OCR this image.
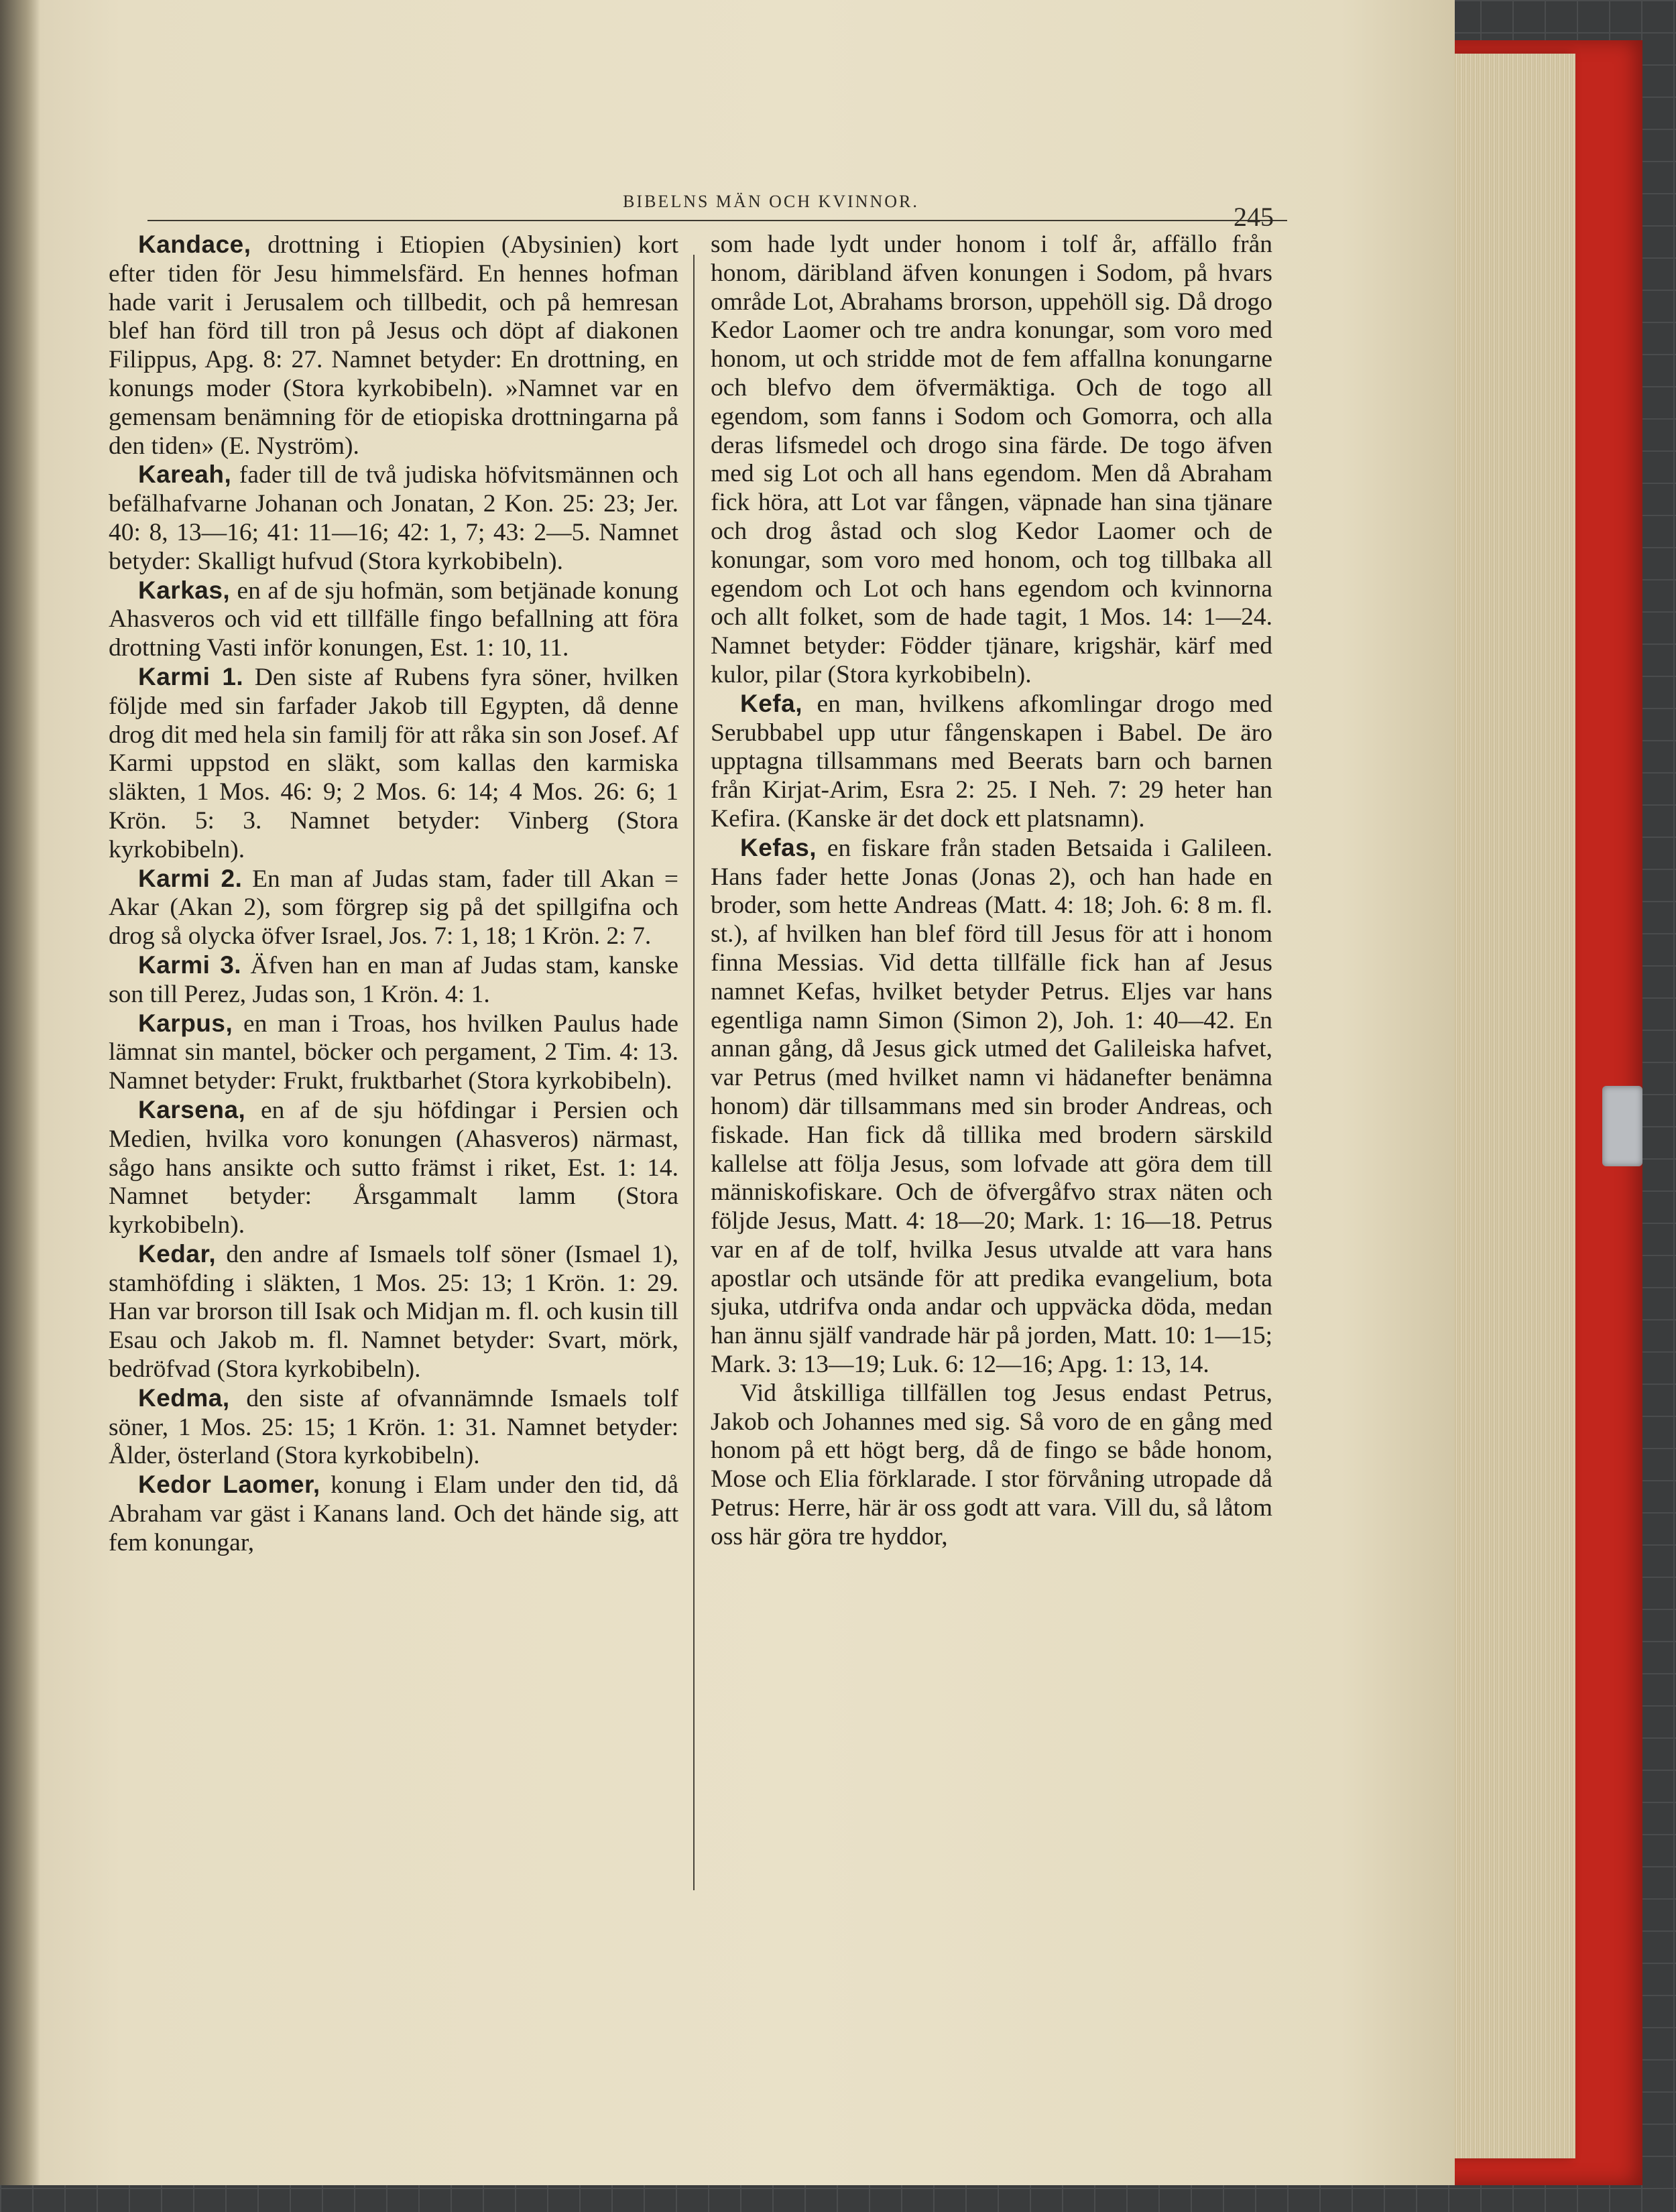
BIBELNS MÄN OCH KVINNOR.
245

Kandace, drottning i Etiopien (Abysinien) kort efter tiden för Jesu himmelsfärd. En hennes hofman hade varit i Jerusalem och tillbedit, och på hemresan blef han förd till tron på Jesus och döpt af diakonen Filippus, Apg. 8: 27. Namnet betyder: En drottning, en konungs moder (Stora kyrkobibeln). »Namnet var en gemensam benämning för de etiopiska drottningarna på den tiden» (E. Nyström).

Kareah, fader till de två judiska höfvitsmännen och befälhafvarne Johanan och Jonatan, 2 Kon. 25: 23; Jer. 40: 8, 13—16; 41: 11—16; 42: 1, 7; 43: 2—5. Namnet betyder: Skalligt hufvud (Stora kyrkobibeln).

Karkas, en af de sju hofmän, som betjänade konung Ahasveros och vid ett tillfälle fingo befallning att föra drottning Vasti inför konungen, Est. 1: 10, 11.

Karmi 1. Den siste af Rubens fyra söner, hvilken följde med sin farfader Jakob till Egypten, då denne drog dit med hela sin familj för att råka sin son Josef. Af Karmi uppstod en släkt, som kallas den karmiska släkten, 1 Mos. 46: 9; 2 Mos. 6: 14; 4 Mos. 26: 6; 1 Krön. 5: 3. Namnet betyder: Vinberg (Stora kyrkobibeln).

Karmi 2. En man af Judas stam, fader till Akan = Akar (Akan 2), som förgrep sig på det spillgifna och drog så olycka öfver Israel, Jos. 7: 1, 18; 1 Krön. 2: 7.

Karmi 3. Äfven han en man af Judas stam, kanske son till Perez, Judas son, 1 Krön. 4: 1.

Karpus, en man i Troas, hos hvilken Paulus hade lämnat sin mantel, böcker och pergament, 2 Tim. 4: 13. Namnet betyder: Frukt, fruktbarhet (Stora kyrkobibeln).

Karsena, en af de sju höfdingar i Persien och Medien, hvilka voro konungen (Ahasveros) närmast, sågo hans ansikte och sutto främst i riket, Est. 1: 14. Namnet betyder: Årsgammalt lamm (Stora kyrkobibeln).

Kedar, den andre af Ismaels tolf söner (Ismael 1), stamhöfding i släkten, 1 Mos. 25: 13; 1 Krön. 1: 29. Han var brorson till Isak och Midjan m. fl. och kusin till Esau och Jakob m. fl. Namnet betyder: Svart, mörk, bedröfvad (Stora kyrkobibeln).

Kedma, den siste af ofvannämnde Ismaels tolf söner, 1 Mos. 25: 15; 1 Krön. 1: 31. Namnet betyder: Ålder, österland (Stora kyrkobibeln).

Kedor Laomer, konung i Elam under den tid, då Abraham var gäst i Kanans land. Och det hände sig, att fem konungar,

som hade lydt under honom i tolf år, affällo från honom, däribland äfven konungen i Sodom, på hvars område Lot, Abrahams brorson, uppehöll sig. Då drogo Kedor Laomer och tre andra konungar, som voro med honom, ut och stridde mot de fem affallna konungarne och blefvo dem öfvermäktiga. Och de togo all egendom, som fanns i Sodom och Gomorra, och alla deras lifsmedel och drogo sina färde. De togo äfven med sig Lot och all hans egendom. Men då Abraham fick höra, att Lot var fången, väpnade han sina tjänare och drog åstad och slog Kedor Laomer och de konungar, som voro med honom, och tog tillbaka all egendom och Lot och hans egendom och kvinnorna och allt folket, som de hade tagit, 1 Mos. 14: 1—24. Namnet betyder: Födder tjänare, krigshär, kärf med kulor, pilar (Stora kyrkobibeln).

Kefa, en man, hvilkens afkomlingar drogo med Serubbabel upp utur fångenskapen i Babel. De äro upptagna tillsammans med Beerats barn och barnen från Kirjat-Arim, Esra 2: 25. I Neh. 7: 29 heter han Kefira. (Kanske är det dock ett platsnamn).

Kefas, en fiskare från staden Betsaida i Galileen. Hans fader hette Jonas (Jonas 2), och han hade en broder, som hette Andreas (Matt. 4: 18; Joh. 6: 8 m. fl. st.), af hvilken han blef förd till Jesus för att i honom finna Messias. Vid detta tillfälle fick han af Jesus namnet Kefas, hvilket betyder Petrus. Eljes var hans egentliga namn Simon (Simon 2), Joh. 1: 40—42. En annan gång, då Jesus gick utmed det Galileiska hafvet, var Petrus (med hvilket namn vi hädanefter benämna honom) där tillsammans med sin broder Andreas, och fiskade. Han fick då tillika med brodern särskild kallelse att följa Jesus, som lofvade att göra dem till människofiskare. Och de öfvergåfvo strax näten och följde Jesus, Matt. 4: 18—20; Mark. 1: 16—18. Petrus var en af de tolf, hvilka Jesus utvalde att vara hans apostlar och utsände för att predika evangelium, bota sjuka, utdrifva onda andar och uppväcka döda, medan han ännu själf vandrade här på jorden, Matt. 10: 1—15; Mark. 3: 13—19; Luk. 6: 12—16; Apg. 1: 13, 14.

Vid åtskilliga tillfällen tog Jesus endast Petrus, Jakob och Johannes med sig. Så voro de en gång med honom på ett högt berg, då de fingo se både honom, Mose och Elia förklarade. I stor förvåning utropade då Petrus: Herre, här är oss godt att vara. Vill du, så låtom oss här göra tre hyddor,
